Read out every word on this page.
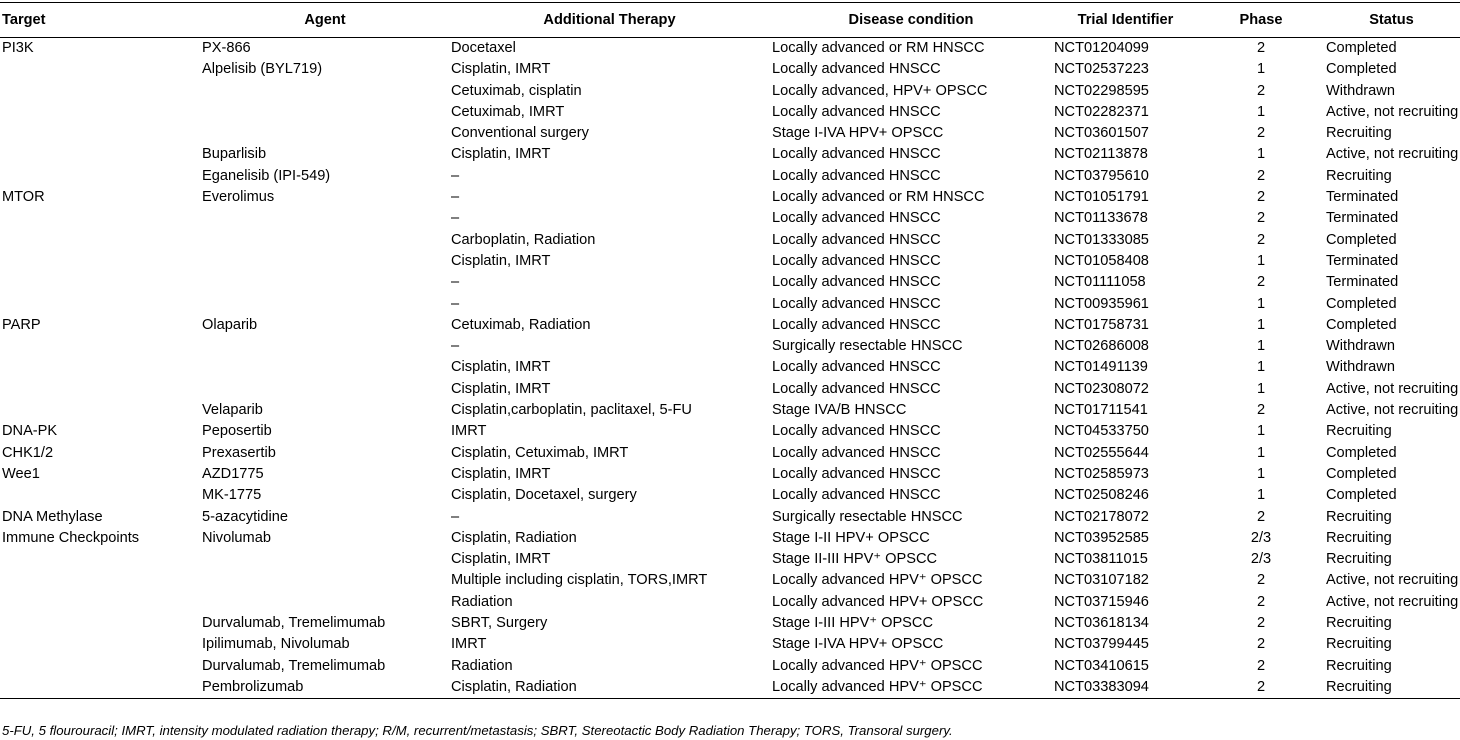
Target	Agent	Additional Therapy	Disease condition	Trial Identifier	Phase	Status
PI3K	PX-866	Docetaxel	Locally advanced or RM HNSCC	NCT01204099	2	Completed
	Alpelisib (BYL719)	Cisplatin, IMRT	Locally advanced HNSCC	NCT02537223	1	Completed
		Cetuximab, cisplatin	Locally advanced, HPV+ OPSCC	NCT02298595	2	Withdrawn
		Cetuximab, IMRT	Locally advanced HNSCC	NCT02282371	1	Active, not recruiting
		Conventional surgery	Stage I-IVA HPV+ OPSCC	NCT03601507	2	Recruiting
	Buparlisib	Cisplatin, IMRT	Locally advanced HNSCC	NCT02113878	1	Active, not recruiting
	Eganelisib (IPI-549)	–	Locally advanced HNSCC	NCT03795610	2	Recruiting
MTOR	Everolimus	–	Locally advanced or RM HNSCC	NCT01051791	2	Terminated
		–	Locally advanced HNSCC	NCT01133678	2	Terminated
		Carboplatin, Radiation	Locally advanced HNSCC	NCT01333085	2	Completed
		Cisplatin, IMRT	Locally advanced HNSCC	NCT01058408	1	Terminated
		–	Locally advanced HNSCC	NCT01111058	2	Terminated
		–	Locally advanced HNSCC	NCT00935961	1	Completed
PARP	Olaparib	Cetuximab, Radiation	Locally advanced HNSCC	NCT01758731	1	Completed
		–	Surgically resectable HNSCC	NCT02686008	1	Withdrawn
		Cisplatin, IMRT	Locally advanced HNSCC	NCT01491139	1	Withdrawn
		Cisplatin, IMRT	Locally advanced HNSCC	NCT02308072	1	Active, not recruiting
	Velaparib	Cisplatin,carboplatin, paclitaxel, 5-FU	Stage IVA/B HNSCC	NCT01711541	2	Active, not recruiting
DNA-PK	Peposertib	IMRT	Locally advanced HNSCC	NCT04533750	1	Recruiting
CHK1/2	Prexasertib	Cisplatin, Cetuximab, IMRT	Locally advanced HNSCC	NCT02555644	1	Completed
Wee1	AZD1775	Cisplatin, IMRT	Locally advanced HNSCC	NCT02585973	1	Completed
	MK-1775	Cisplatin, Docetaxel, surgery	Locally advanced HNSCC	NCT02508246	1	Completed
DNA Methylase	5-azacytidine	–	Surgically resectable HNSCC	NCT02178072	2	Recruiting
Immune Checkpoints	Nivolumab	Cisplatin, Radiation	Stage I-II HPV+ OPSCC	NCT03952585	2/3	Recruiting
		Cisplatin, IMRT	Stage II-III HPV⁺ OPSCC	NCT03811015	2/3	Recruiting
		Multiple including cisplatin, TORS,IMRT	Locally advanced HPV⁺ OPSCC	NCT03107182	2	Active, not recruiting
		Radiation	Locally advanced HPV+ OPSCC	NCT03715946	2	Active, not recruiting
	Durvalumab, Tremelimumab	SBRT, Surgery	Stage I-III HPV⁺ OPSCC	NCT03618134	2	Recruiting
	Ipilimumab, Nivolumab	IMRT	Stage I-IVA HPV+ OPSCC	NCT03799445	2	Recruiting
	Durvalumab, Tremelimumab	Radiation	Locally advanced HPV⁺ OPSCC	NCT03410615	2	Recruiting
	Pembrolizumab	Cisplatin, Radiation	Locally advanced HPV⁺ OPSCC	NCT03383094	2	Recruiting
5-FU, 5 flourouracil; IMRT, intensity modulated radiation therapy; R/M, recurrent/metastasis; SBRT, Stereotactic Body Radiation Therapy; TORS, Transoral surgery.
